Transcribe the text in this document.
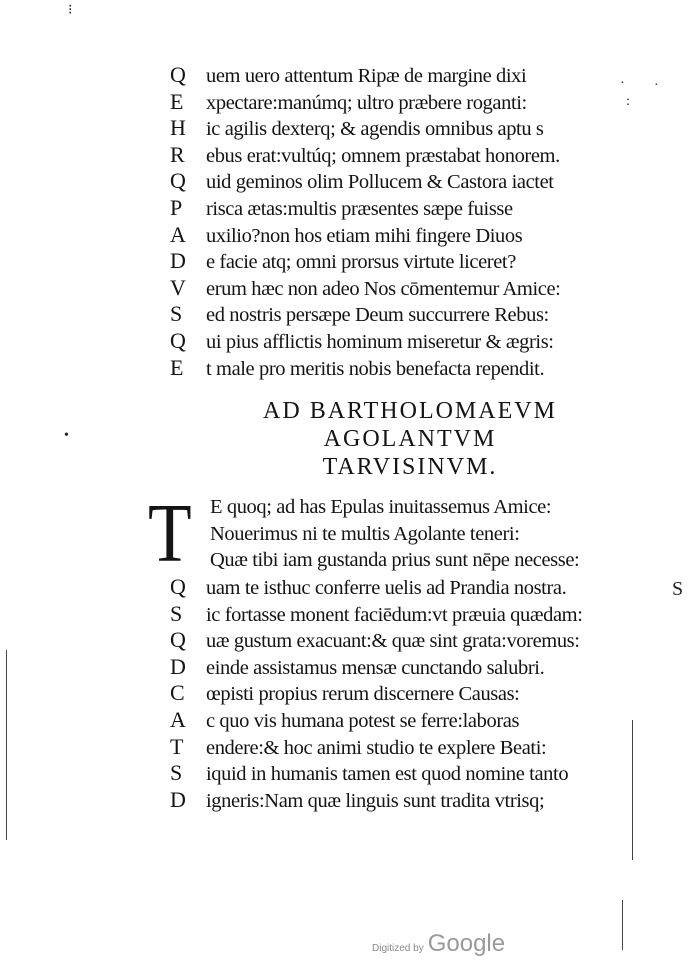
⁝
· ·
:
•
Q uem uero attentum Ripæ de margine dixi
E xpectare:manúmq; ultro præbere roganti:
H ic agilis dexterq; & agendis omnibus aptu s
R ebus erat:vultúq; omnem præstabat honorem.
Q uid geminos olim Pollucem & Castora iactet
P risca ætas:multis præsentes sæpe fuisse
A uxilio?non hos etiam mihi fingere Diuos
D e facie atq; omni prorsus virtute liceret?
V erum hæc non adeo Nos cōmentemur Amice:
S ed nostris persæpe Deum succurrere Rebus:
Q ui pius afflictis hominum miseretur & ægris:
E t male pro meritis nobis benefacta rependit.
AD BARTHOLOMAEVM
AGOLANTVM
TARVISINVM.
T E quoq; ad has Epulas inuitassemus Amice:
Nouerimus ni te multis Agolante teneri:
Quæ tibi iam gustanda prius sunt nēpe necesse:
Q uam te isthuc conferre uelis ad Prandia nostra.
S ic fortasse monent faciēdum:vt præuia quædam:
Q uæ gustum exacuant:& quæ sint grata:voremus:
D einde assistamus mensæ cunctando salubri.
C œpisti propius rerum discernere Causas:
A c quo vis humana potest se ferre:laboras
T endere:& hoc animi studio te explere Beati:
S iquid in humanis tamen est quod nomine tanto
D igneris:Nam quæ linguis sunt tradita vtrisq;
S
Digitized by Google
